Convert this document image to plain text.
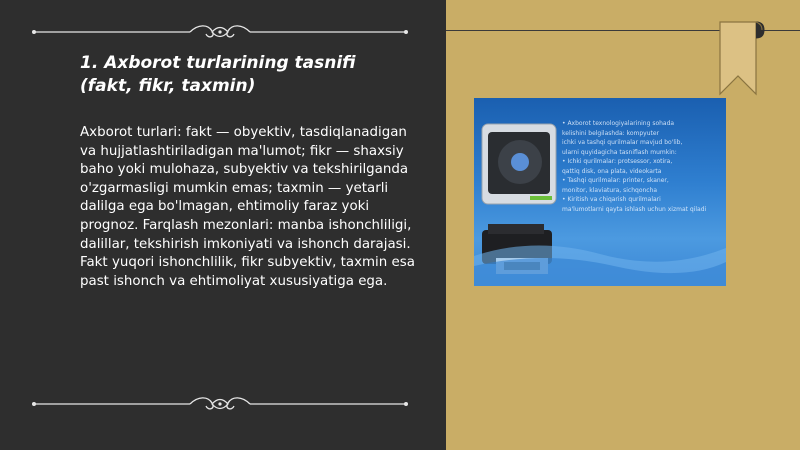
1. Axborot turlarining tasnifi (fakt, fikr, taxmin)

Axborot turlari: fakt — obyektiv, tasdiqlanadigan va hujjatlashtiriladigan ma'lumot; fikr — shaxsiy baho yoki mulohaza, subyektiv va tekshirilganda o'zgarmasligi mumkin emas; taxmin — yetarli dalilga ega bo'lmagan, ehtimoliy faraz yoki prognoz. Farqlash mezonlari: manba ishonchliligi, dalillar, tekshirish imkoniyati va ishonch darajasi. Fakt yuqori ishonchlilik, fikr subyektiv, taxmin esa past ishonch va ehtimoliyat xususiyatiga ega.

• Axborot texnologiyalarining sohada

kelishini belgilashda: kompyuter

ichki va tashqi qurilmalar mavjud bo'lib,

ularni quyidagicha tasniflash mumkin:

• Ichki qurilmalar: protsessor, xotira,

qattiq disk, ona plata, videokarta

• Tashqi qurilmalar: printer, skaner,

monitor, klaviatura, sichqoncha

• Kiritish va chiqarish qurilmalari

ma'lumotlarni qayta ishlash uchun xizmat qiladi
